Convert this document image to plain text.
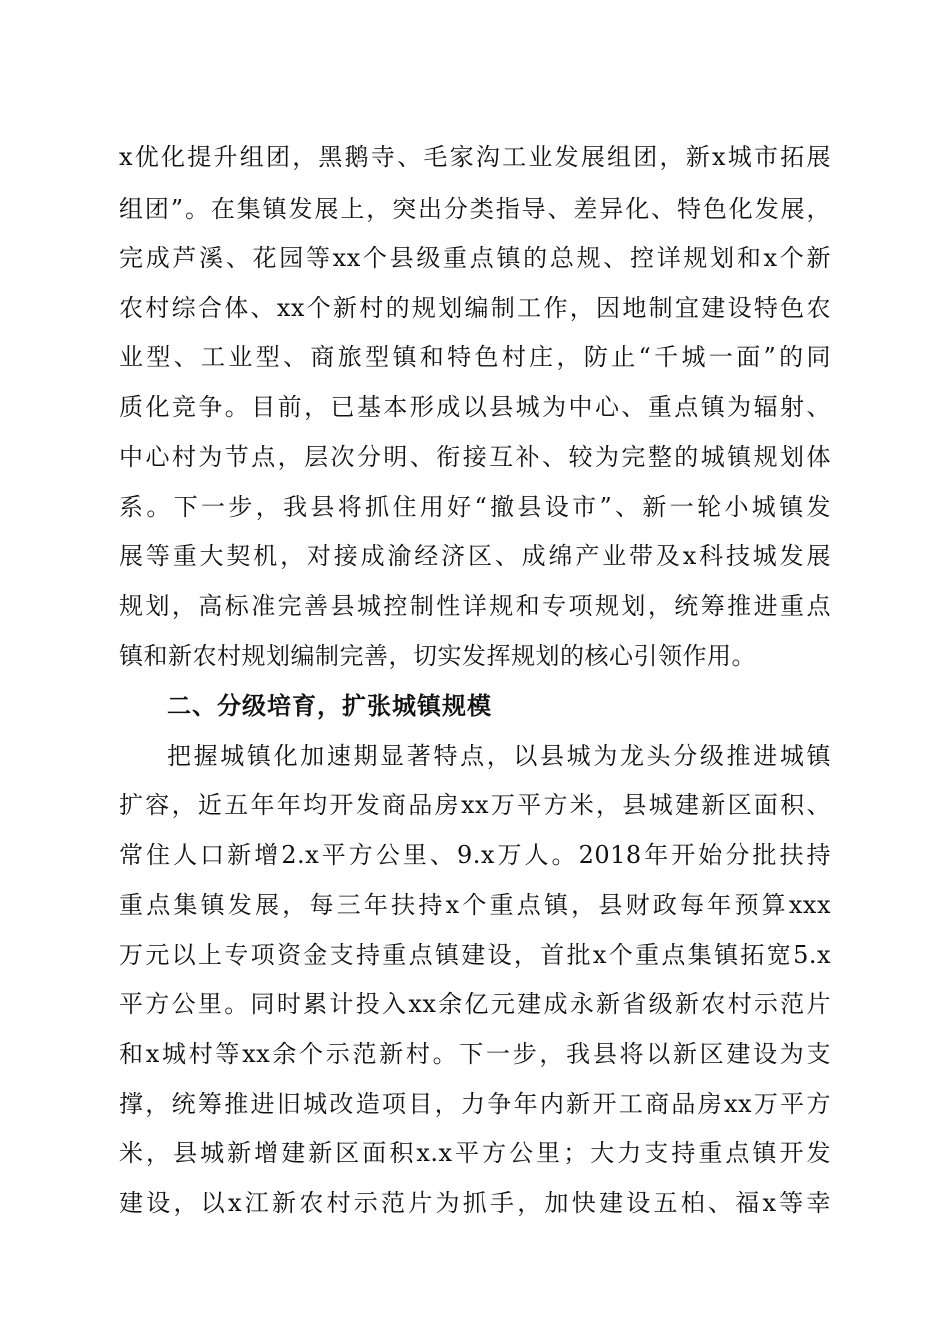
x优化提升组团，黑鹅寺、毛家沟工业发展组团，新x城市拓展
组团”。在集镇发展上，突出分类指导、差异化、特色化发展，
完成芦溪、花园等xx个县级重点镇的总规、控详规划和x个新
农村综合体、xx个新村的规划编制工作，因地制宜建设特色农
业型、工业型、商旅型镇和特色村庄，防止“千城一面”的同
质化竞争。目前，已基本形成以县城为中心、重点镇为辐射、
中心村为节点，层次分明、衔接互补、较为完整的城镇规划体
系。下一步，我县将抓住用好“撤县设市”、新一轮小城镇发
展等重大契机，对接成渝经济区、成绵产业带及x科技城发展
规划，高标准完善县城控制性详规和专项规划，统筹推进重点
镇和新农村规划编制完善，切实发挥规划的核心引领作用。
二、分级培育，扩张城镇规模
把握城镇化加速期显著特点，以县城为龙头分级推进城镇
扩容，近五年年均开发商品房xx万平方米，县城建新区面积、
常住人口新增2.x平方公里、9.x万人。2018年开始分批扶持
重点集镇发展，每三年扶持x个重点镇，县财政每年预算xxx
万元以上专项资金支持重点镇建设，首批x个重点集镇拓宽5.x
平方公里。同时累计投入xx余亿元建成永新省级新农村示范片
和x城村等xx余个示范新村。下一步，我县将以新区建设为支
撑，统筹推进旧城改造项目，力争年内新开工商品房xx万平方
米，县城新增建新区面积x.x平方公里；大力支持重点镇开发
建设，以x江新农村示范片为抓手，加快建设五柏、福x等幸
